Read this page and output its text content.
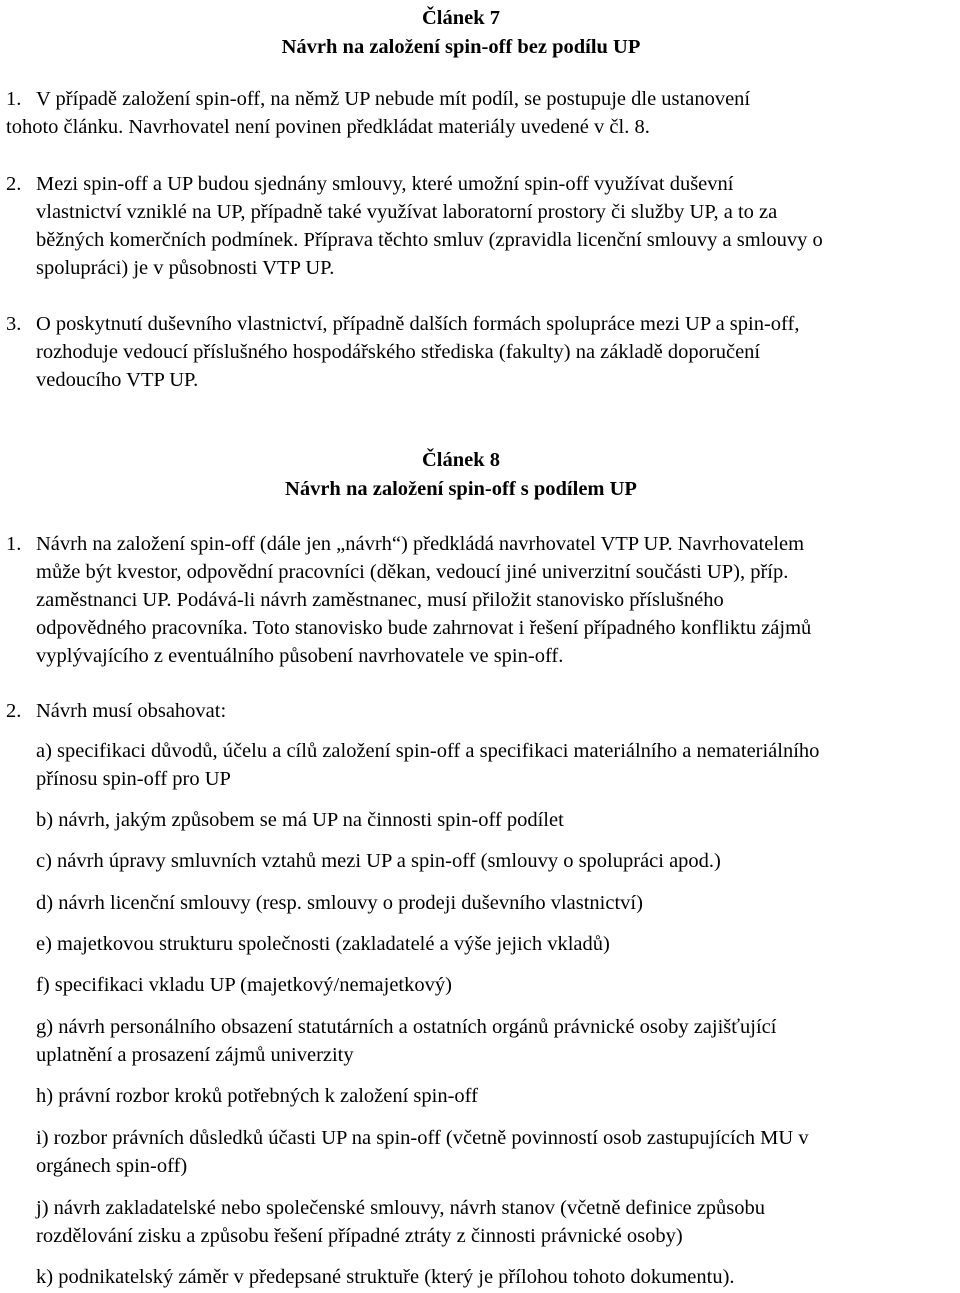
Článek 7
Návrh na založení spin-off bez podílu UP
1. V případě založení spin-off, na němž UP nebude mít podíl, se postupuje dle ustanovení
tohoto článku. Navrhovatel není povinen předkládat materiály uvedené v čl. 8.
2. Mezi spin-off a UP budou sjednány smlouvy, které umožní spin-off využívat duševní
vlastnictví vzniklé na UP, případně také využívat laboratorní prostory či služby UP, a to za
běžných komerčních podmínek. Příprava těchto smluv (zpravidla licenční smlouvy a smlouvy o
spolupráci) je v působnosti VTP UP.
3. O poskytnutí duševního vlastnictví, případně dalších formách spolupráce mezi UP a spin-off,
rozhoduje vedoucí příslušného hospodářského střediska (fakulty) na základě doporučení
vedoucího VTP UP.
Článek 8
Návrh na založení spin-off s podílem UP
1. Návrh na založení spin-off (dále jen „návrh“) předkládá navrhovatel VTP UP. Navrhovatelem
může být kvestor, odpovědní pracovníci (děkan, vedoucí jiné univerzitní součásti UP), příp.
zaměstnanci UP. Podává-li návrh zaměstnanec, musí přiložit stanovisko příslušného
odpovědného pracovníka. Toto stanovisko bude zahrnovat i řešení případného konfliktu zájmů
vyplývajícího z eventuálního působení navrhovatele ve spin-off.
2. Návrh musí obsahovat:
a) specifikaci důvodů, účelu a cílů založení spin-off a specifikaci materiálního a nemateriálního
přínosu spin-off pro UP
b) návrh, jakým způsobem se má UP na činnosti spin-off podílet
c) návrh úpravy smluvních vztahů mezi UP a spin-off (smlouvy o spolupráci apod.)
d) návrh licenční smlouvy (resp. smlouvy o prodeji duševního vlastnictví)
e) majetkovou strukturu společnosti (zakladatelé a výše jejich vkladů)
f) specifikaci vkladu UP (majetkový/nemajetkový)
g) návrh personálního obsazení statutárních a ostatních orgánů právnické osoby zajišťující
uplatnění a prosazení zájmů univerzity
h) právní rozbor kroků potřebných k založení spin-off
i) rozbor právních důsledků účasti UP na spin-off (včetně povinností osob zastupujících MU v
orgánech spin-off)
j) návrh zakladatelské nebo společenské smlouvy, návrh stanov (včetně definice způsobu
rozdělování zisku a způsobu řešení případné ztráty z činnosti právnické osoby)
k) podnikatelský záměr v předepsané struktuře (který je přílohou tohoto dokumentu).
